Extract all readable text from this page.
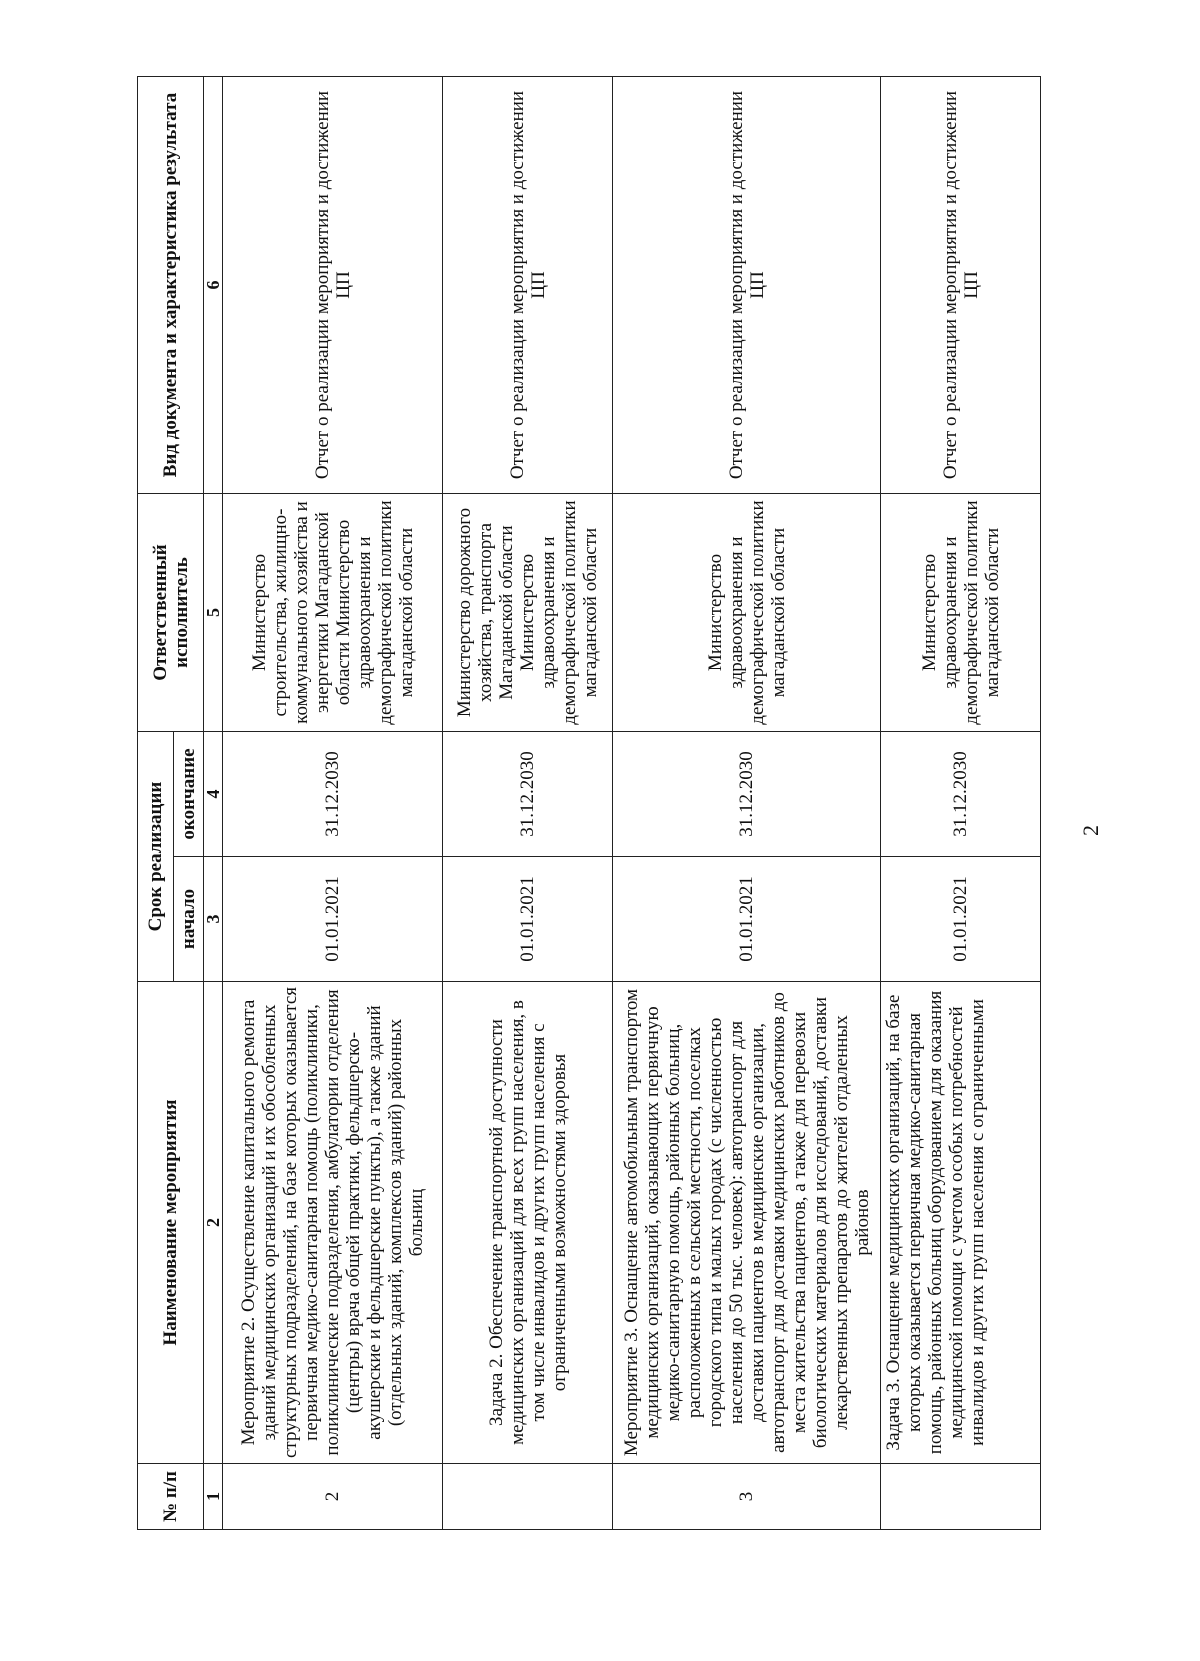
2
№ п/п	Наименование мероприятия	Срок реализации		Ответственный исполнитель	Вид документа и характеристика результата
		начало	окончание		
1	2	3	4	5	6
2	Мероприятие 2. Осуществление капитального ремонта зданий медицинских организаций и их обособленных структурных подразделений, на базе которых оказывается первичная медико-санитарная помощь (поликлиники, поликлинические подразделения, амбулатории отделения (центры) врача общей практики, фельдшерско-акушерские и фельдшерские пункты), а также зданий (отдельных зданий, комплексов зданий) районных больниц	01.01.2021	31.12.2030	Министерство строительства, жилищно-коммунального хозяйства и энергетики Магаданской области Министерство здравоохранения и демографической политики магаданской области	Отчет о реализации мероприятия и достижении ЦП
	Задача 2. Обеспечение транспортной доступности медицинских организаций для всех групп населения, в том числе инвалидов и других групп населения с ограниченными возможностями здоровья	01.01.2021	31.12.2030	Министерство дорожного хозяйства, транспорта Магаданской области Министерство здравоохранения и демографической политики магаданской области	Отчет о реализации мероприятия и достижении ЦП
3	Мероприятие 3. Оснащение автомобильным транспортом медицинских организаций, оказывающих первичную медико-санитарную помощь, районных больниц, расположенных в сельской местности, поселках городского типа и малых городах (с численностью населения до 50 тыс. человек): автотранспорт для доставки пациентов в медицинские организации, автотранспорт для доставки медицинских работников до места жительства пациентов, а также для перевозки биологических материалов для исследований, доставки лекарственных препаратов до жителей отдаленных районов	01.01.2021	31.12.2030	Министерство здравоохранения и демографической политики магаданской области	Отчет о реализации мероприятия и достижении ЦП

	Задача 3. Оснащение медицинских организаций, на базе которых оказывается первичная медико-санитарная помощь, районных больниц оборудованием для оказания медицинской помощи с учетом особых потребностей инвалидов и других групп населения с ограниченными	01.01.2021	31.12.2030	Министерство здравоохранения и демографической политики магаданской области	Отчет о реализации мероприятия и достижении ЦП
